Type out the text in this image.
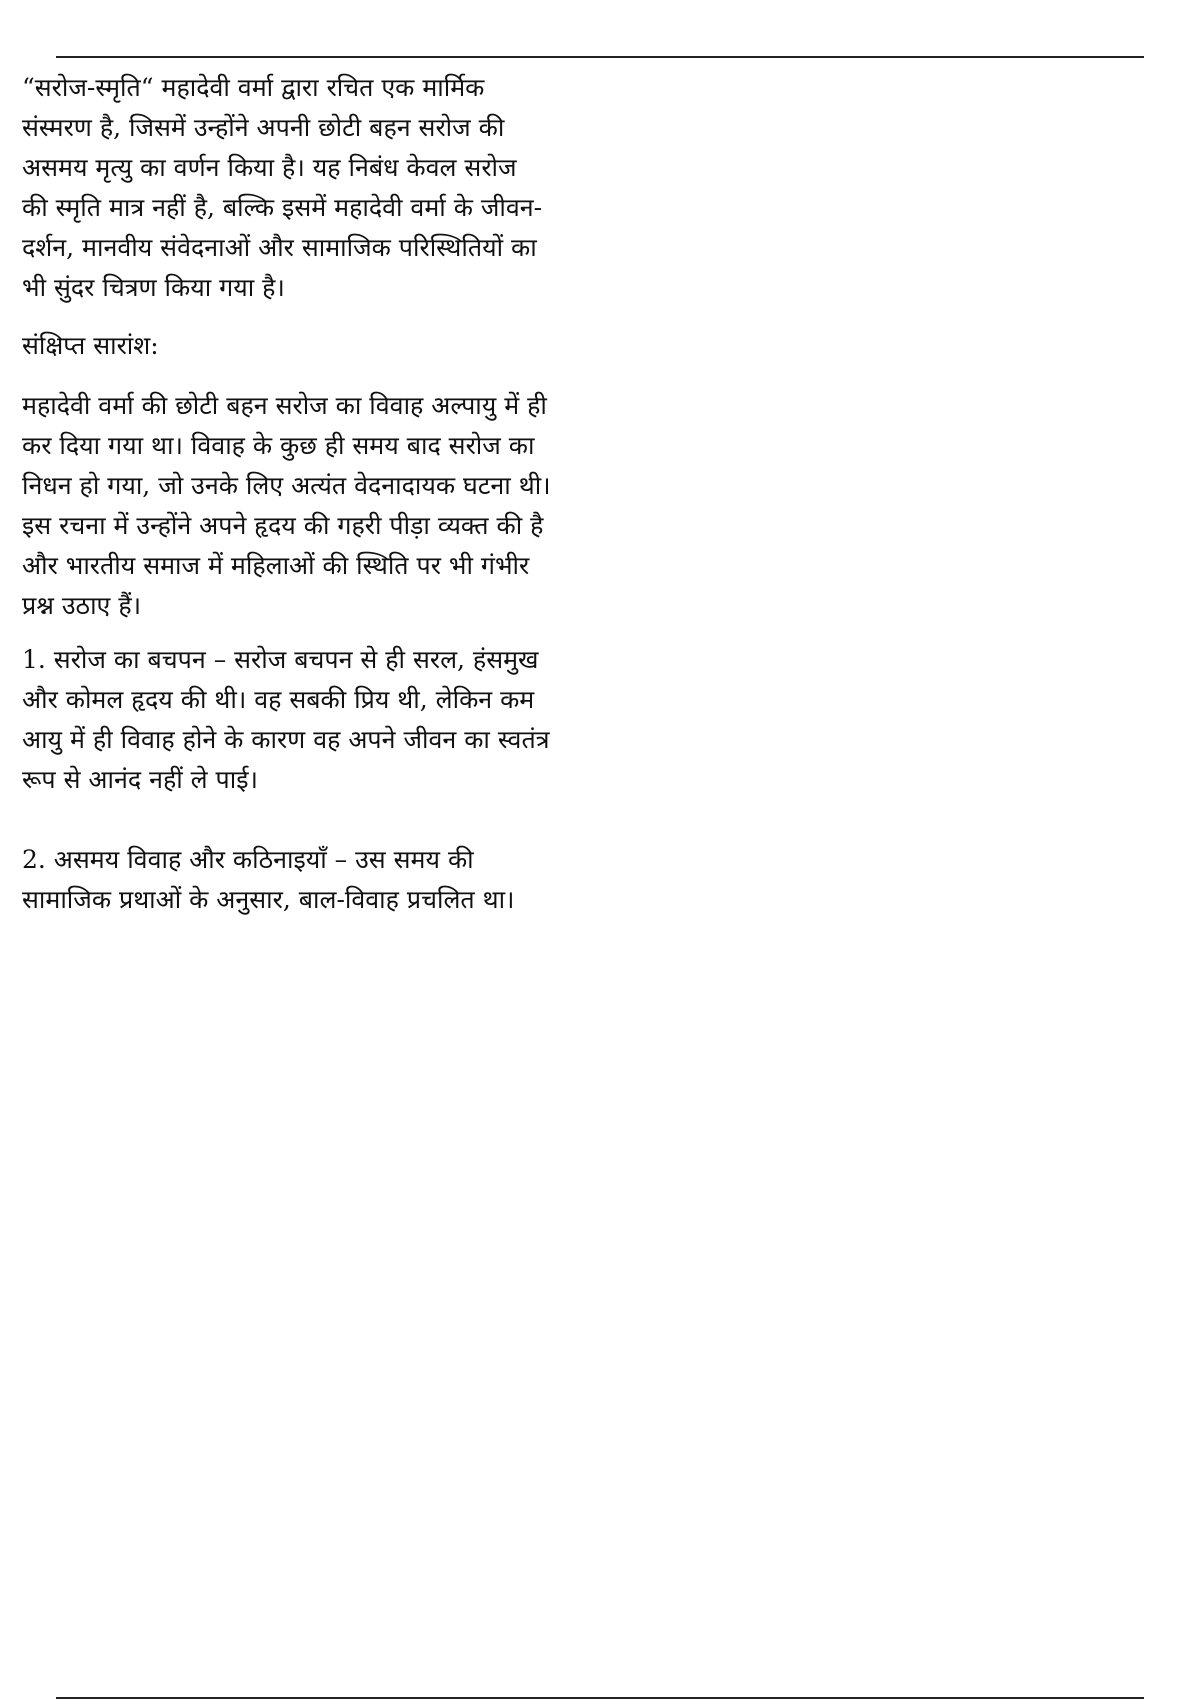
“सरोज-स्मृति“ महादेवी वर्मा द्वारा रचित एक मार्मिक
संस्मरण है, जिसमें उन्होंने अपनी छोटी बहन सरोज की
असमय मृत्यु का वर्णन किया है। यह निबंध केवल सरोज
की स्मृति मात्र नहीं है, बल्कि इसमें महादेवी वर्मा के जीवन-
दर्शन, मानवीय संवेदनाओं और सामाजिक परिस्थितियों का
भी सुंदर चित्रण किया गया है।

संक्षिप्त सारांश:

महादेवी वर्मा की छोटी बहन सरोज का विवाह अल्पायु में ही
कर दिया गया था। विवाह के कुछ ही समय बाद सरोज का
निधन हो गया, जो उनके लिए अत्यंत वेदनादायक घटना थी।
इस रचना में उन्होंने अपने हृदय की गहरी पीड़ा व्यक्त की है
और भारतीय समाज में महिलाओं की स्थिति पर भी गंभीर
प्रश्न उठाए हैं।

1. सरोज का बचपन – सरोज बचपन से ही सरल, हंसमुख
और कोमल हृदय की थी। वह सबकी प्रिय थी, लेकिन कम
आयु में ही विवाह होने के कारण वह अपने जीवन का स्वतंत्र
रूप से आनंद नहीं ले पाई।

2. असमय विवाह और कठिनाइयाँ – उस समय की
सामाजिक प्रथाओं के अनुसार, बाल-विवाह प्रचलित था।
